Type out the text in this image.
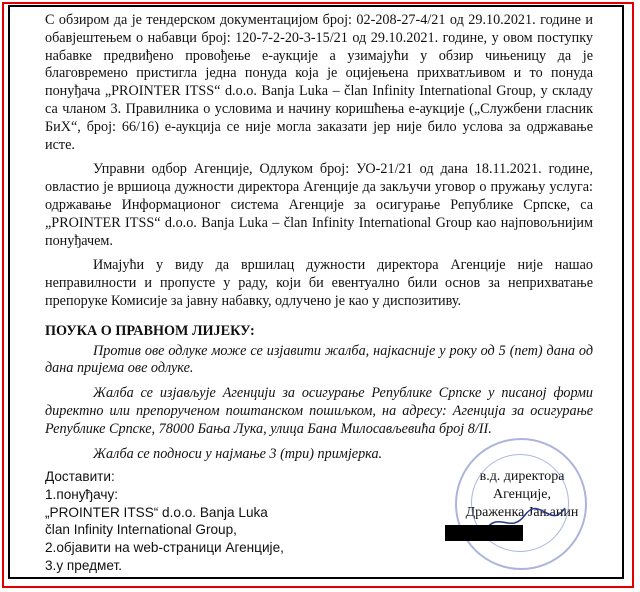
С обзиром да је тендерском документацијом број: 02-208-27-4/21 од 29.10.2021. године и обавјештењем о набавци број: 120-7-2-20-3-15/21 од 29.10.2021. године, у овом поступку набавке предвиђено провођење е-аукције а узимајући у обзир чињеницу да је благовремено пристигла једна понуда која је оцијењена прихватљивом и то понуда понуђача „PROINTER ITSS“ d.o.o. Banja Luka – član Infinity International Group, у складу са чланом 3. Правилника о условима и начину коришћења е-аукције („Службени гласник БиХ“, број: 66/16) е-аукција се није могла заказати јер није било услова за одржавање исте.

Управни одбор Агенције, Одлуком број: УО-21/21 од дана 18.11.2021. године, овластио је вршиоца дужности директора Агенције да закључи уговор о пружању услуга: одржавање Информационог система Агенције за осигурање Републике Српске, са „PROINTER ITSS“ d.o.o. Banja Luka – član Infinity International Group као најповољнијим понуђачем.

Имајући у виду да вршилац дужности директора Агенције није нашао неправилности и пропусте у раду, који би евентуално били основ за неприхватање препоруке Комисије за јавну набавку, одлучено је као у диспозитиву.

ПОУКА О ПРАВНОМ ЛИЈЕКУ:

Против ове одлуке може се изјавити жалба, најкасније у року од 5 (пет) дана од дана пријема ове одлуке.

Жалба се изјављује Агенцији за осигурање Републике Српске у писаној форми директно или препорученом поштанском пошиљком, на адресу: Агенција за осигурање Републике Српске, 78000 Бања Лука, улица Бана Милосављевића број 8/II.

Жалба се подноси у најмање 3 (три) примјерка.

Доставити:
1.понуђачу:
„PROINTER ITSS“ d.o.o. Banja Luka
član Infinity International Group,
2.објавити на web-страници Агенције,
3.у предмет.
в.д. директора
Агенције,
Драженка Јањанин
